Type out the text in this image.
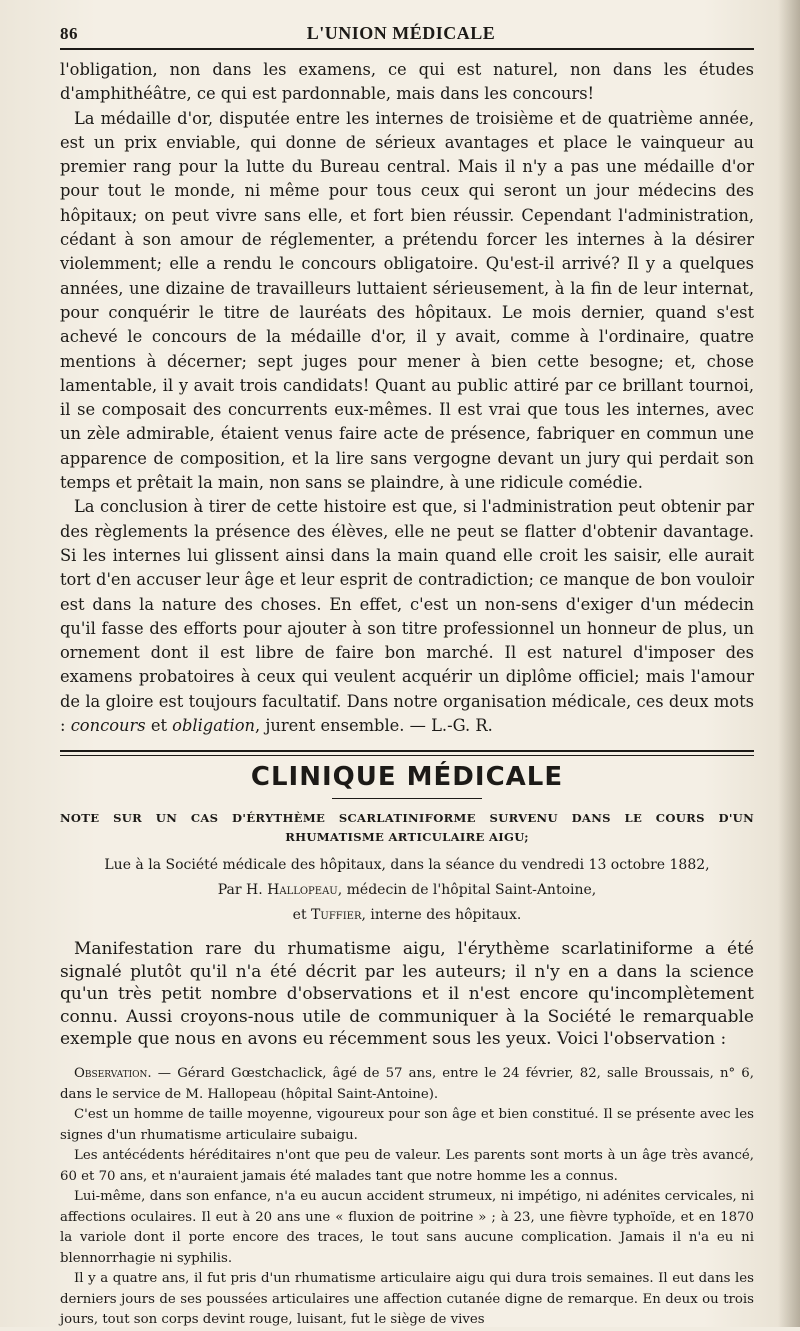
86	L'UNION MÉDICALE

l'obligation, non dans les examens, ce qui est naturel, non dans les études d'amphithéâtre, ce qui est pardonnable, mais dans les concours!

La médaille d'or, disputée entre les internes de troisième et de quatrième année, est un prix enviable, qui donne de sérieux avantages et place le vainqueur au premier rang pour la lutte du Bureau central. Mais il n'y a pas une médaille d'or pour tout le monde, ni même pour tous ceux qui seront un jour médecins des hôpitaux; on peut vivre sans elle, et fort bien réussir. Cependant l'administration, cédant à son amour de réglementer, a prétendu forcer les internes à la désirer violemment; elle a rendu le concours obligatoire. Qu'est-il arrivé? Il y a quelques années, une dizaine de travailleurs luttaient sérieusement, à la fin de leur internat, pour conquérir le titre de lauréats des hôpitaux. Le mois dernier, quand s'est achevé le concours de la médaille d'or, il y avait, comme à l'ordinaire, quatre mentions à décerner; sept juges pour mener à bien cette besogne; et, chose lamentable, il y avait trois candidats! Quant au public attiré par ce brillant tournoi, il se composait des concurrents eux-mêmes. Il est vrai que tous les internes, avec un zèle admirable, étaient venus faire acte de présence, fabriquer en commun une apparence de composition, et la lire sans vergogne devant un jury qui perdait son temps et prêtait la main, non sans se plaindre, à une ridicule comédie.

La conclusion à tirer de cette histoire est que, si l'administration peut obtenir par des règlements la présence des élèves, elle ne peut se flatter d'obtenir davantage. Si les internes lui glissent ainsi dans la main quand elle croit les saisir, elle aurait tort d'en accuser leur âge et leur esprit de contradiction; ce manque de bon vouloir est dans la nature des choses. En effet, c'est un non-sens d'exiger d'un médecin qu'il fasse des efforts pour ajouter à son titre professionnel un honneur de plus, un ornement dont il est libre de faire bon marché. Il est naturel d'imposer des examens probatoires à ceux qui veulent acquérir un diplôme officiel; mais l'amour de la gloire est toujours facultatif. Dans notre organisation médicale, ces deux mots : concours et obligation, jurent ensemble. — L.-G. R.

CLINIQUE MÉDICALE
NOTE SUR UN CAS D'ÉRYTHÈME SCARLATINIFORME SURVENU DANS LE COURS D'UN
RHUMATISME ARTICULAIRE AIGU;
Lue à la Société médicale des hôpitaux, dans la séance du vendredi 13 octobre 1882,
Par H. Hallopeau, médecin de l'hôpital Saint-Antoine,
et Tuffier, interne des hôpitaux.

Manifestation rare du rhumatisme aigu, l'érythème scarlatiniforme a été signalé plutôt qu'il n'a été décrit par les auteurs; il n'y en a dans la science qu'un très petit nombre d'observations et il n'est encore qu'incomplètement connu. Aussi croyons-nous utile de communiquer à la Société le remarquable exemple que nous en avons eu récemment sous les yeux. Voici l'observation :

Observation. — Gérard Gœstchaclick, âgé de 57 ans, entre le 24 février, 82, salle Broussais, n° 6, dans le service de M. Hallopeau (hôpital Saint-Antoine).

C'est un homme de taille moyenne, vigoureux pour son âge et bien constitué. Il se présente avec les signes d'un rhumatisme articulaire subaigu.

Les antécédents héréditaires n'ont que peu de valeur. Les parents sont morts à un âge très avancé, 60 et 70 ans, et n'auraient jamais été malades tant que notre homme les a connus.

Lui-même, dans son enfance, n'a eu aucun accident strumeux, ni impétigo, ni adénites cervicales, ni affections oculaires. Il eut à 20 ans une « fluxion de poitrine » ; à 23, une fièvre typhoïde, et en 1870 la variole dont il porte encore des traces, le tout sans aucune complication. Jamais il n'a eu ni blennorrhagie ni syphilis.

Il y a quatre ans, il fut pris d'un rhumatisme articulaire aigu qui dura trois semaines. Il eut dans les derniers jours de ses poussées articulaires une affection cutanée digne de remarque. En deux ou trois jours, tout son corps devint rouge, luisant, fut le siège de vives
